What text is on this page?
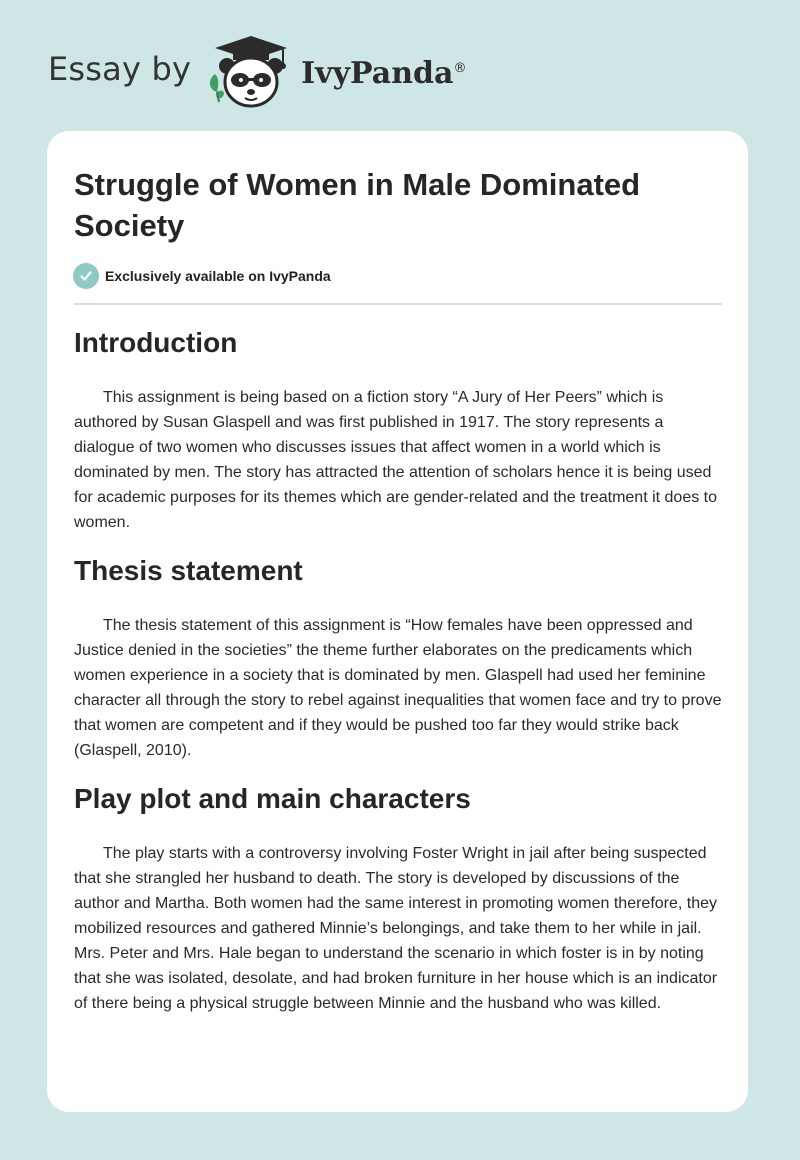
Essay by	IvyPanda®
Struggle of Women in Male Dominated Society
Exclusively available on IvyPanda
Introduction

This assignment is being based on a fiction story “A Jury of Her Peers” which is authored by Susan Glaspell and was first published in 1917. The story represents a dialogue of two women who discusses issues that affect women in a world which is dominated by men. The story has attracted the attention of scholars hence it is being used for academic purposes for its themes which are gender-related and the treatment it does to women.

Thesis statement

The thesis statement of this assignment is “How females have been oppressed and Justice denied in the societies” the theme further elaborates on the predicaments which women experience in a society that is dominated by men. Glaspell had used her feminine character all through the story to rebel against inequalities that women face and try to prove that women are competent and if they would be pushed too far they would strike back (Glaspell, 2010).

Play plot and main characters

The play starts with a controversy involving Foster Wright in jail after being suspected that she strangled her husband to death. The story is developed by discussions of the author and Martha. Both women had the same interest in promoting women therefore, they mobilized resources and gathered Minnie’s belongings, and take them to her while in jail. Mrs. Peter and Mrs. Hale began to understand the scenario in which foster is in by noting that she was isolated, desolate, and had broken furniture in her house which is an indicator of there being a physical struggle between Minnie and the husband who was killed.
